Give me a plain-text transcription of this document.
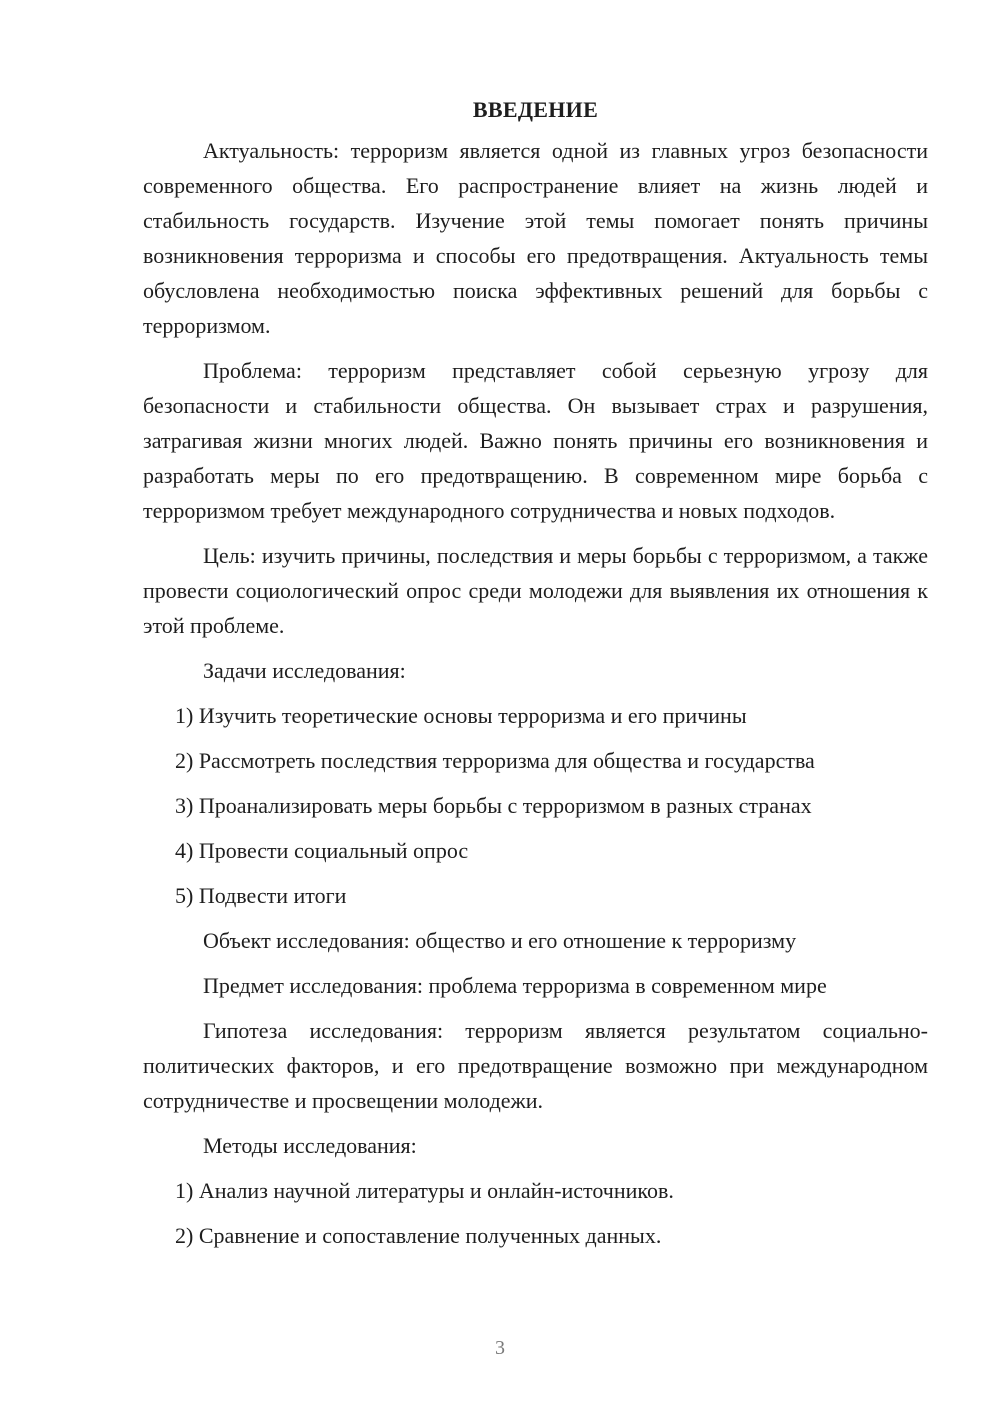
ВВЕДЕНИЕ

Актуальность: терроризм является одной из главных угроз безопасности современного общества. Его распространение влияет на жизнь людей и стабильность государств. Изучение этой темы помогает понять причины возникновения терроризма и способы его предотвращения. Актуальность темы обусловлена необходимостью поиска эффективных решений для борьбы с терроризмом.

Проблема: терроризм представляет собой серьезную угрозу для безопасности и стабильности общества. Он вызывает страх и разрушения, затрагивая жизни многих людей. Важно понять причины его возникновения и разработать меры по его предотвращению. В современном мире борьба с терроризмом требует международного сотрудничества и новых подходов.

Цель: изучить причины, последствия и меры борьбы с терроризмом, а также провести социологический опрос среди молодежи для выявления их отношения к этой проблеме.

Задачи исследования:
1) Изучить теоретические основы терроризма и его причины
2) Рассмотреть последствия терроризма для общества и государства
3) Проанализировать меры борьбы с терроризмом в разных странах
4) Провести социальный опрос
5) Подвести итоги
Объект исследования: общество и его отношение к терроризму
Предмет исследования: проблема терроризма в современном мире

Гипотеза исследования: терроризм является результатом социально-политических факторов, и его предотвращение возможно при международном сотрудничестве и просвещении молодежи.

Методы исследования:
1) Анализ научной литературы и онлайн-источников.
2) Сравнение и сопоставление полученных данных.
3
